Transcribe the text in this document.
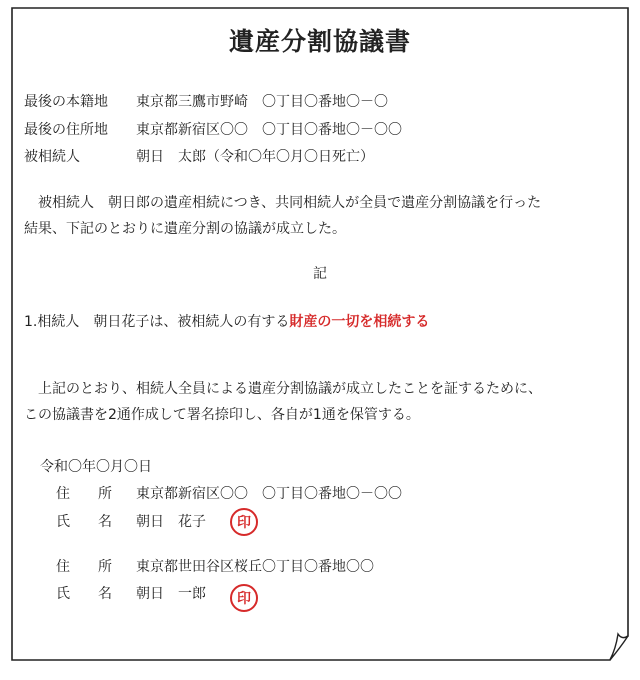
遺産分割協議書
最後の本籍地 東京都三鷹市野崎　〇丁目〇番地〇－〇
最後の住所地 東京都新宿区〇〇　〇丁目〇番地〇－〇〇
被相続人	朝日　太郎（令和〇年〇月〇日死亡）
　被相続人　朝日郎の遺産相続につき、共同相続人が全員で遺産分割協議を行った
結果、下記のとおりに遺産分割の協議が成立した。
記
1.相続人　朝日花子は、被相続人の有する財産の一切を相続する
　上記のとおり、相続人全員による遺産分割協議が成立したことを証するために、
この協議書を2通作成して署名捺印し、各自が1通を保管する。
令和〇年〇月〇日
住　　所 東京都新宿区〇〇　〇丁目〇番地〇－〇〇
氏　　名 朝日　花子	印
住　　所 東京都世田谷区桜丘〇丁目〇番地〇〇
氏　　名 朝日　一郎	印
